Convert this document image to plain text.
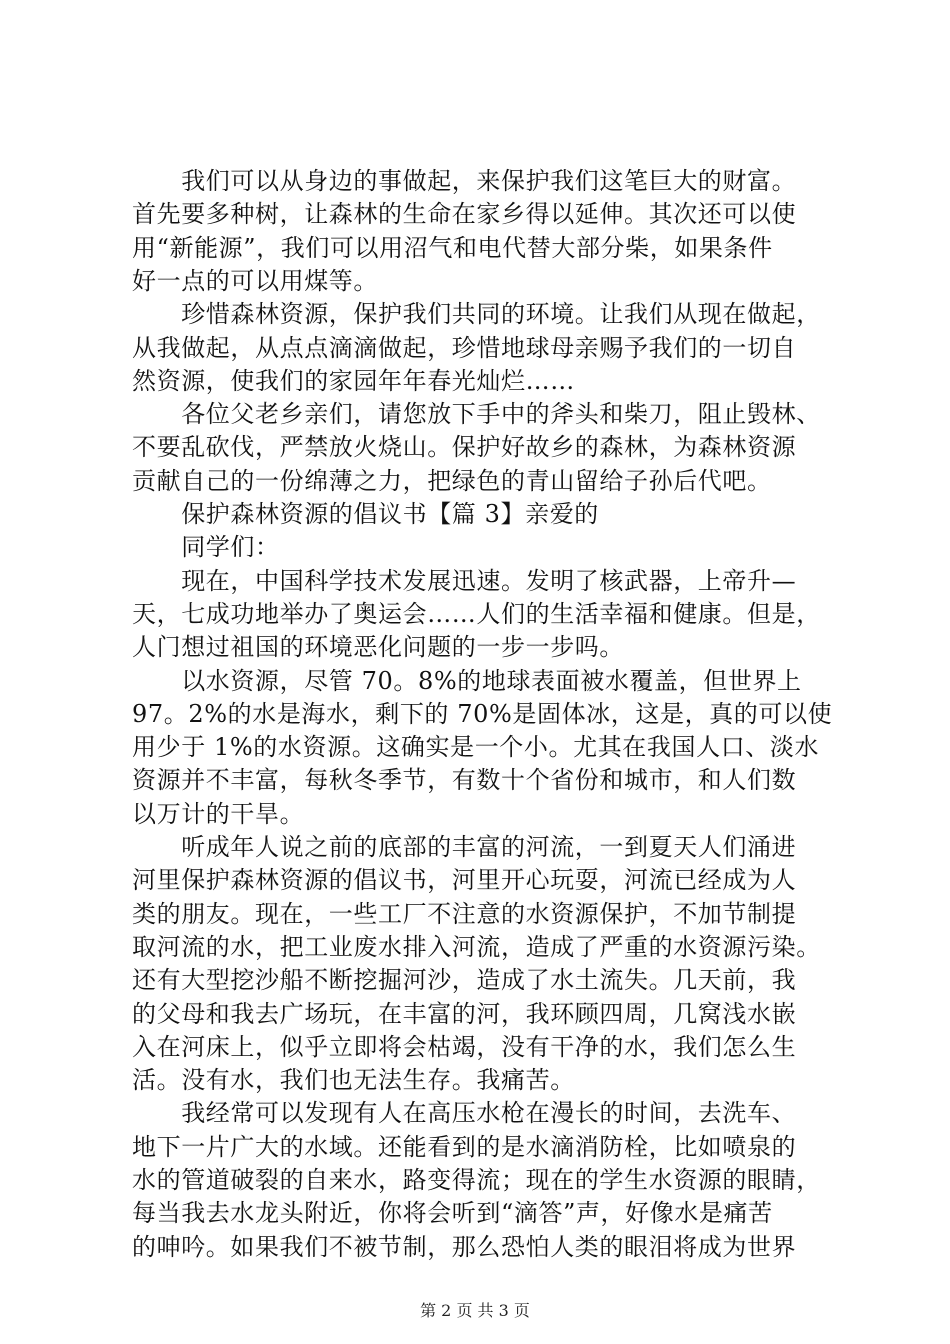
　　我们可以从身边的事做起，来保护我们这笔巨大的财富。
首先要多种树，让森林的生命在家乡得以延伸。其次还可以使
用“新能源”，我们可以用沼气和电代替大部分柴，如果条件
好一点的可以用煤等。
　　珍惜森林资源，保护我们共同的环境。让我们从现在做起，
从我做起，从点点滴滴做起，珍惜地球母亲赐予我们的一切自
然资源，使我们的家园年年春光灿烂……
　　各位父老乡亲们，请您放下手中的斧头和柴刀，阻止毁林、
不要乱砍伐，严禁放火烧山。保护好故乡的森林，为森林资源
贡献自己的一份绵薄之力，把绿色的青山留给子孙后代吧。
　　保护森林资源的倡议书【篇 3】亲爱的
　　同学们：
　　现在，中国科学技术发展迅速。发明了核武器，上帝升—
天，七成功地举办了奥运会……人们的生活幸福和健康。但是，
人门想过祖国的环境恶化问题的一步一步吗。
　　以水资源，尽管 70。8%的地球表面被水覆盖，但世界上
97。2%的水是海水，剩下的 70%是固体冰，这是，真的可以使
用少于 1%的水资源。这确实是一个小。尤其在我国人口、淡水
资源并不丰富，每秋冬季节，有数十个省份和城市，和人们数
以万计的干旱。
　　听成年人说之前的底部的丰富的河流，一到夏天人们涌进
河里保护森林资源的倡议书，河里开心玩耍，河流已经成为人
类的朋友。现在，一些工厂不注意的水资源保护，不加节制提
取河流的水，把工业废水排入河流，造成了严重的水资源污染。
还有大型挖沙船不断挖掘河沙，造成了水土流失。几天前，我
的父母和我去广场玩，在丰富的河，我环顾四周，几窝浅水嵌
入在河床上，似乎立即将会枯竭，没有干净的水，我们怎么生
活。没有水，我们也无法生存。我痛苦。
　　我经常可以发现有人在高压水枪在漫长的时间，去洗车、
地下一片广大的水域。还能看到的是水滴消防栓，比如喷泉的
水的管道破裂的自来水，路变得流；现在的学生水资源的眼睛，
每当我去水龙头附近，你将会听到“滴答”声，好像水是痛苦
的呻吟。如果我们不被节制，那么恐怕人类的眼泪将成为世界
第 2 页 共 3 页
